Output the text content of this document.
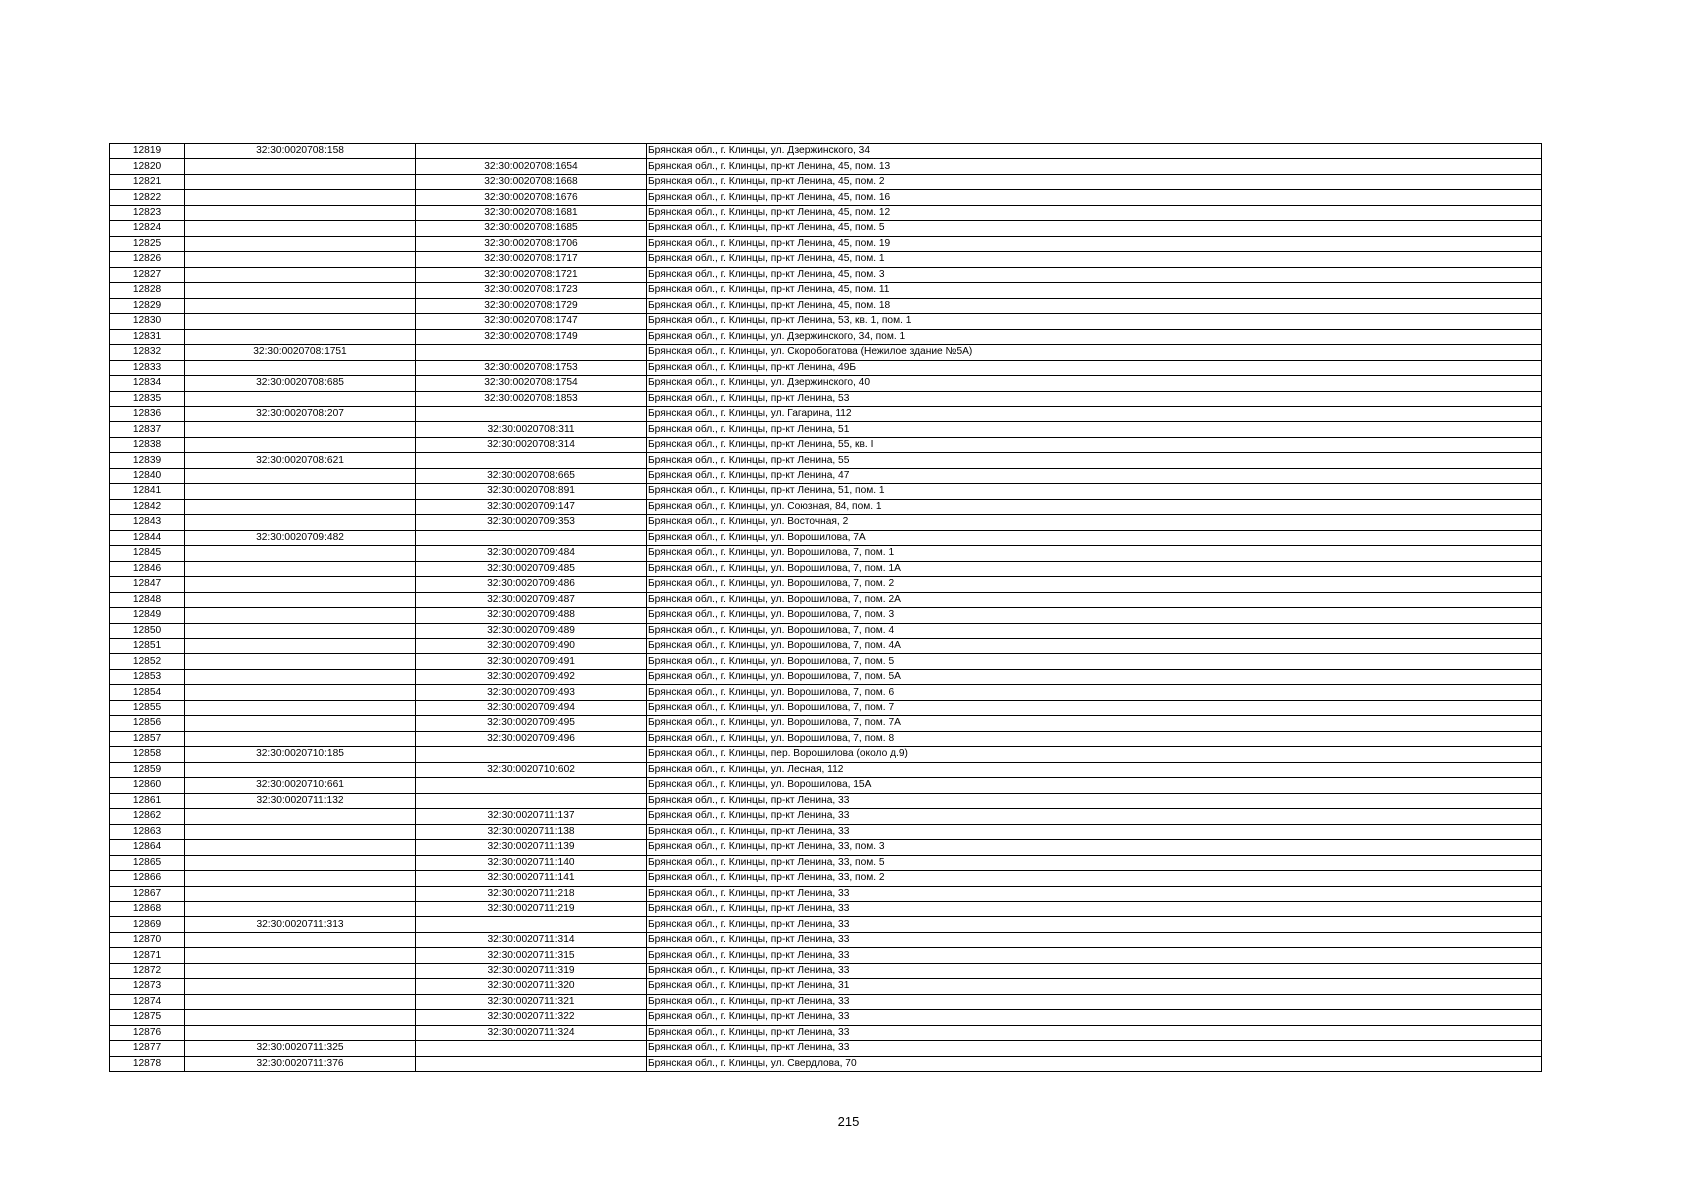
12819	32:30:0020708:158		Брянская обл., г. Клинцы, ул. Дзержинского, 34
12820		32:30:0020708:1654	Брянская обл., г. Клинцы, пр-кт Ленина, 45, пом. 13
12821		32:30:0020708:1668	Брянская обл., г. Клинцы, пр-кт Ленина, 45, пом. 2
12822		32:30:0020708:1676	Брянская обл., г. Клинцы, пр-кт Ленина, 45, пом. 16
12823		32:30:0020708:1681	Брянская обл., г. Клинцы, пр-кт Ленина, 45, пом. 12
12824		32:30:0020708:1685	Брянская обл., г. Клинцы, пр-кт Ленина, 45, пом. 5
12825		32:30:0020708:1706	Брянская обл., г. Клинцы, пр-кт Ленина, 45, пом. 19
12826		32:30:0020708:1717	Брянская обл., г. Клинцы, пр-кт Ленина, 45, пом. 1
12827		32:30:0020708:1721	Брянская обл., г. Клинцы, пр-кт Ленина, 45, пом. 3
12828		32:30:0020708:1723	Брянская обл., г. Клинцы, пр-кт Ленина, 45, пом. 11
12829		32:30:0020708:1729	Брянская обл., г. Клинцы, пр-кт Ленина, 45, пом. 18
12830		32:30:0020708:1747	Брянская обл., г. Клинцы, пр-кт Ленина, 53, кв. 1, пом. 1
12831		32:30:0020708:1749	Брянская обл., г. Клинцы, ул. Дзержинского, 34, пом. 1
12832	32:30:0020708:1751		Брянская обл., г. Клинцы, ул. Скоробогатова (Нежилое здание №5А)
12833		32:30:0020708:1753	Брянская обл., г. Клинцы, пр-кт Ленина, 49Б
12834	32:30:0020708:685	32:30:0020708:1754	Брянская обл., г. Клинцы, ул. Дзержинского, 40
12835		32:30:0020708:1853	Брянская обл., г. Клинцы, пр-кт Ленина, 53
12836	32:30:0020708:207		Брянская обл., г. Клинцы, ул. Гагарина, 112
12837		32:30:0020708:311	Брянская обл., г. Клинцы, пр-кт Ленина, 51
12838		32:30:0020708:314	Брянская обл., г. Клинцы, пр-кт Ленина, 55, кв. I
12839	32:30:0020708:621		Брянская обл., г. Клинцы, пр-кт Ленина, 55
12840		32:30:0020708:665	Брянская обл., г. Клинцы, пр-кт Ленина, 47
12841		32:30:0020708:891	Брянская обл., г. Клинцы, пр-кт Ленина, 51, пом. 1
12842		32:30:0020709:147	Брянская обл., г. Клинцы, ул. Союзная, 84, пом. 1
12843		32:30:0020709:353	Брянская обл., г. Клинцы, ул. Восточная, 2
12844	32:30:0020709:482		Брянская обл., г. Клинцы, ул. Ворошилова, 7А
12845		32:30:0020709:484	Брянская обл., г. Клинцы, ул. Ворошилова, 7, пом. 1
12846		32:30:0020709:485	Брянская обл., г. Клинцы, ул. Ворошилова, 7, пом. 1А
12847		32:30:0020709:486	Брянская обл., г. Клинцы, ул. Ворошилова, 7, пом. 2
12848		32:30:0020709:487	Брянская обл., г. Клинцы, ул. Ворошилова, 7, пом. 2А
12849		32:30:0020709:488	Брянская обл., г. Клинцы, ул. Ворошилова, 7, пом. 3
12850		32:30:0020709:489	Брянская обл., г. Клинцы, ул. Ворошилова, 7, пом. 4
12851		32:30:0020709:490	Брянская обл., г. Клинцы, ул. Ворошилова, 7, пом. 4А
12852		32:30:0020709:491	Брянская обл., г. Клинцы, ул. Ворошилова, 7, пом. 5
12853		32:30:0020709:492	Брянская обл., г. Клинцы, ул. Ворошилова, 7, пом. 5А
12854		32:30:0020709:493	Брянская обл., г. Клинцы, ул. Ворошилова, 7, пом. 6
12855		32:30:0020709:494	Брянская обл., г. Клинцы, ул. Ворошилова, 7, пом. 7
12856		32:30:0020709:495	Брянская обл., г. Клинцы, ул. Ворошилова, 7, пом. 7А
12857		32:30:0020709:496	Брянская обл., г. Клинцы, ул. Ворошилова, 7, пом. 8
12858	32:30:0020710:185		Брянская обл., г. Клинцы, пер. Ворошилова (около д.9)
12859		32:30:0020710:602	Брянская обл., г. Клинцы, ул. Лесная, 112
12860	32:30:0020710:661		Брянская обл., г. Клинцы, ул. Ворошилова, 15А
12861	32:30:0020711:132		Брянская обл., г. Клинцы, пр-кт Ленина, 33
12862		32:30:0020711:137	Брянская обл., г. Клинцы, пр-кт Ленина, 33
12863		32:30:0020711:138	Брянская обл., г. Клинцы, пр-кт Ленина, 33
12864		32:30:0020711:139	Брянская обл., г. Клинцы, пр-кт Ленина, 33, пом. 3
12865		32:30:0020711:140	Брянская обл., г. Клинцы, пр-кт Ленина, 33, пом. 5
12866		32:30:0020711:141	Брянская обл., г. Клинцы, пр-кт Ленина, 33, пом. 2
12867		32:30:0020711:218	Брянская обл., г. Клинцы, пр-кт Ленина, 33
12868		32:30:0020711:219	Брянская обл., г. Клинцы, пр-кт Ленина, 33
12869	32:30:0020711:313		Брянская обл., г. Клинцы, пр-кт Ленина, 33
12870		32:30:0020711:314	Брянская обл., г. Клинцы, пр-кт Ленина, 33
12871		32:30:0020711:315	Брянская обл., г. Клинцы, пр-кт Ленина, 33
12872		32:30:0020711:319	Брянская обл., г. Клинцы, пр-кт Ленина, 33
12873		32:30:0020711:320	Брянская обл., г. Клинцы, пр-кт Ленина, 31
12874		32:30:0020711:321	Брянская обл., г. Клинцы, пр-кт Ленина, 33
12875		32:30:0020711:322	Брянская обл., г. Клинцы, пр-кт Ленина, 33
12876		32:30:0020711:324	Брянская обл., г. Клинцы, пр-кт Ленина, 33
12877	32:30:0020711:325		Брянская обл., г. Клинцы, пр-кт Ленина, 33
12878	32:30:0020711:376		Брянская обл., г. Клинцы, ул. Свердлова, 70
215
